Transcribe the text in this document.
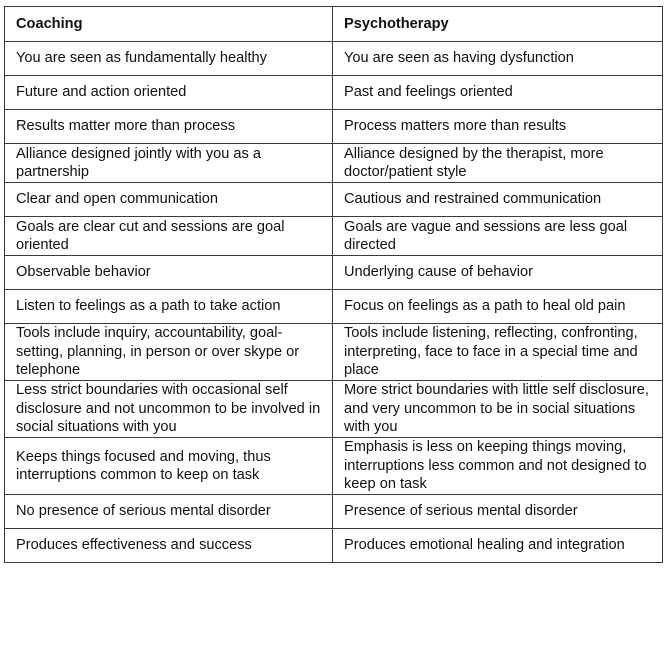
Coaching	Psychotherapy
You are seen as fundamentally healthy	You are seen as having dysfunction
Future and action oriented	Past and feelings oriented
Results matter more than process	Process matters more than results
Alliance designed jointly with you as a partnership	Alliance designed by the therapist, more doctor/patient style
Clear and open communication	Cautious and restrained communication
Goals are clear cut and sessions are goal oriented	Goals are vague and sessions are less goal directed
Observable behavior	Underlying cause of behavior
Listen to feelings as a path to take action	Focus on feelings as a path to heal old pain
Tools include inquiry, accountability, goal-setting, planning, in person or over skype or telephone	Tools include listening, reflecting, confronting, interpreting, face to face in a special time and place
Less strict boundaries with occasional self disclosure and not uncommon to be involved in social situations with you	More strict boundaries with little self disclosure, and very uncommon to be in social situations with you
Keeps things focused and moving, thus interruptions common to keep on task	Emphasis is less on keeping things moving, interruptions less common and not designed to keep on task
No presence of serious mental disorder	Presence of serious mental disorder
Produces effectiveness and success	Produces emotional healing and integration
